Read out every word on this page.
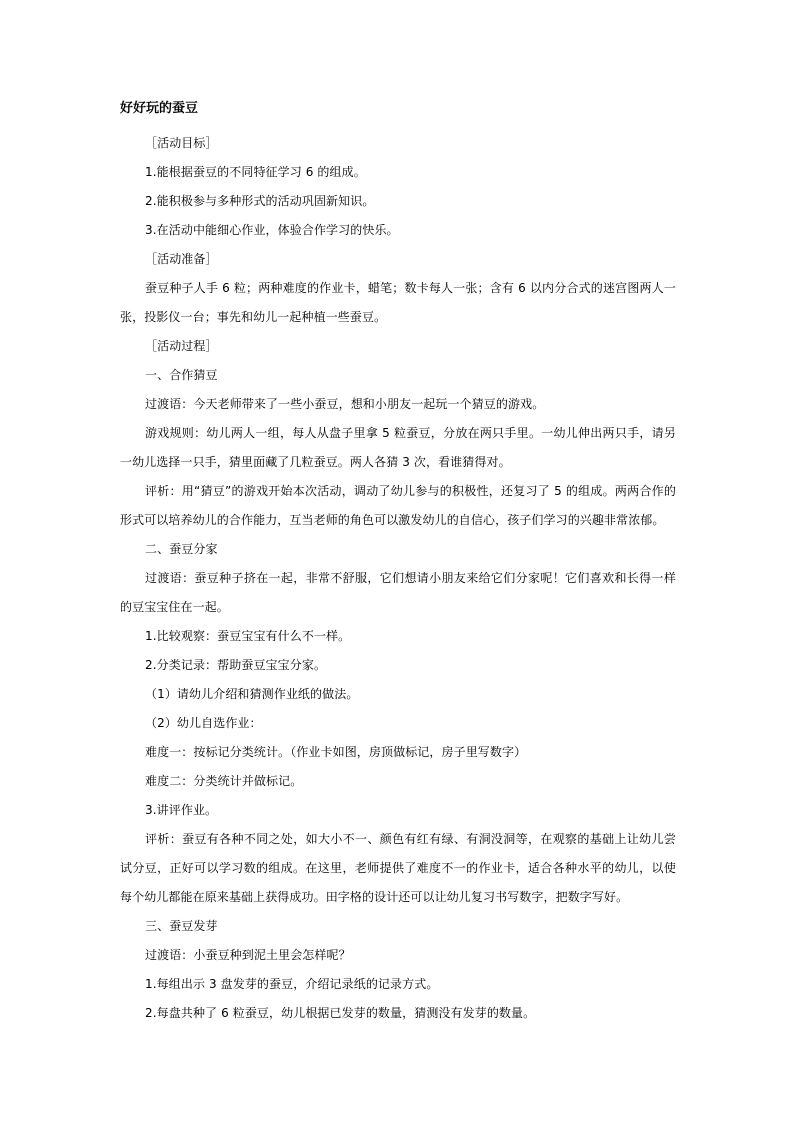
好好玩的蚕豆

［活动目标］

1.能根据蚕豆的不同特征学习 6 的组成。

2.能积极参与多种形式的活动巩固新知识。

3.在活动中能细心作业，体验合作学习的快乐。

［活动准备］

蚕豆种子人手 6 粒；两种难度的作业卡，蜡笔；数卡每人一张；含有 6 以内分合式的迷宫图两人一张，投影仪一台；事先和幼儿一起种植一些蚕豆。

［活动过程］

一、合作猜豆

过渡语：今天老师带来了一些小蚕豆，想和小朋友一起玩一个猜豆的游戏。

游戏规则：幼儿两人一组，每人从盘子里拿 5 粒蚕豆，分放在两只手里。一幼儿伸出两只手，请另一幼儿选择一只手，猜里面藏了几粒蚕豆。两人各猜 3 次，看谁猜得对。

评析：用“猜豆”的游戏开始本次活动，调动了幼儿参与的积极性，还复习了 5 的组成。两两合作的形式可以培养幼儿的合作能力，互当老师的角色可以激发幼儿的自信心，孩子们学习的兴趣非常浓郁。

二、蚕豆分家

过渡语：蚕豆种子挤在一起，非常不舒服，它们想请小朋友来给它们分家呢！它们喜欢和长得一样的豆宝宝住在一起。

1.比较观察：蚕豆宝宝有什么不一样。

2.分类记录：帮助蚕豆宝宝分家。

（1）请幼儿介绍和猜测作业纸的做法。

（2）幼儿自选作业：

难度一：按标记分类统计。（作业卡如图，房顶做标记，房子里写数字）

难度二：分类统计并做标记。

3.讲评作业。

评析：蚕豆有各种不同之处，如大小不一、颜色有红有绿、有洞没洞等，在观察的基础上让幼儿尝试分豆，正好可以学习数的组成。在这里，老师提供了难度不一的作业卡，适合各种水平的幼儿，以使每个幼儿都能在原来基础上获得成功。田字格的设计还可以让幼儿复习书写数字，把数字写好。

三、蚕豆发芽

过渡语：小蚕豆种到泥土里会怎样呢？

1.每组出示 3 盘发芽的蚕豆，介绍记录纸的记录方式。

2.每盘共种了 6 粒蚕豆，幼儿根据已发芽的数量，猜测没有发芽的数量。
